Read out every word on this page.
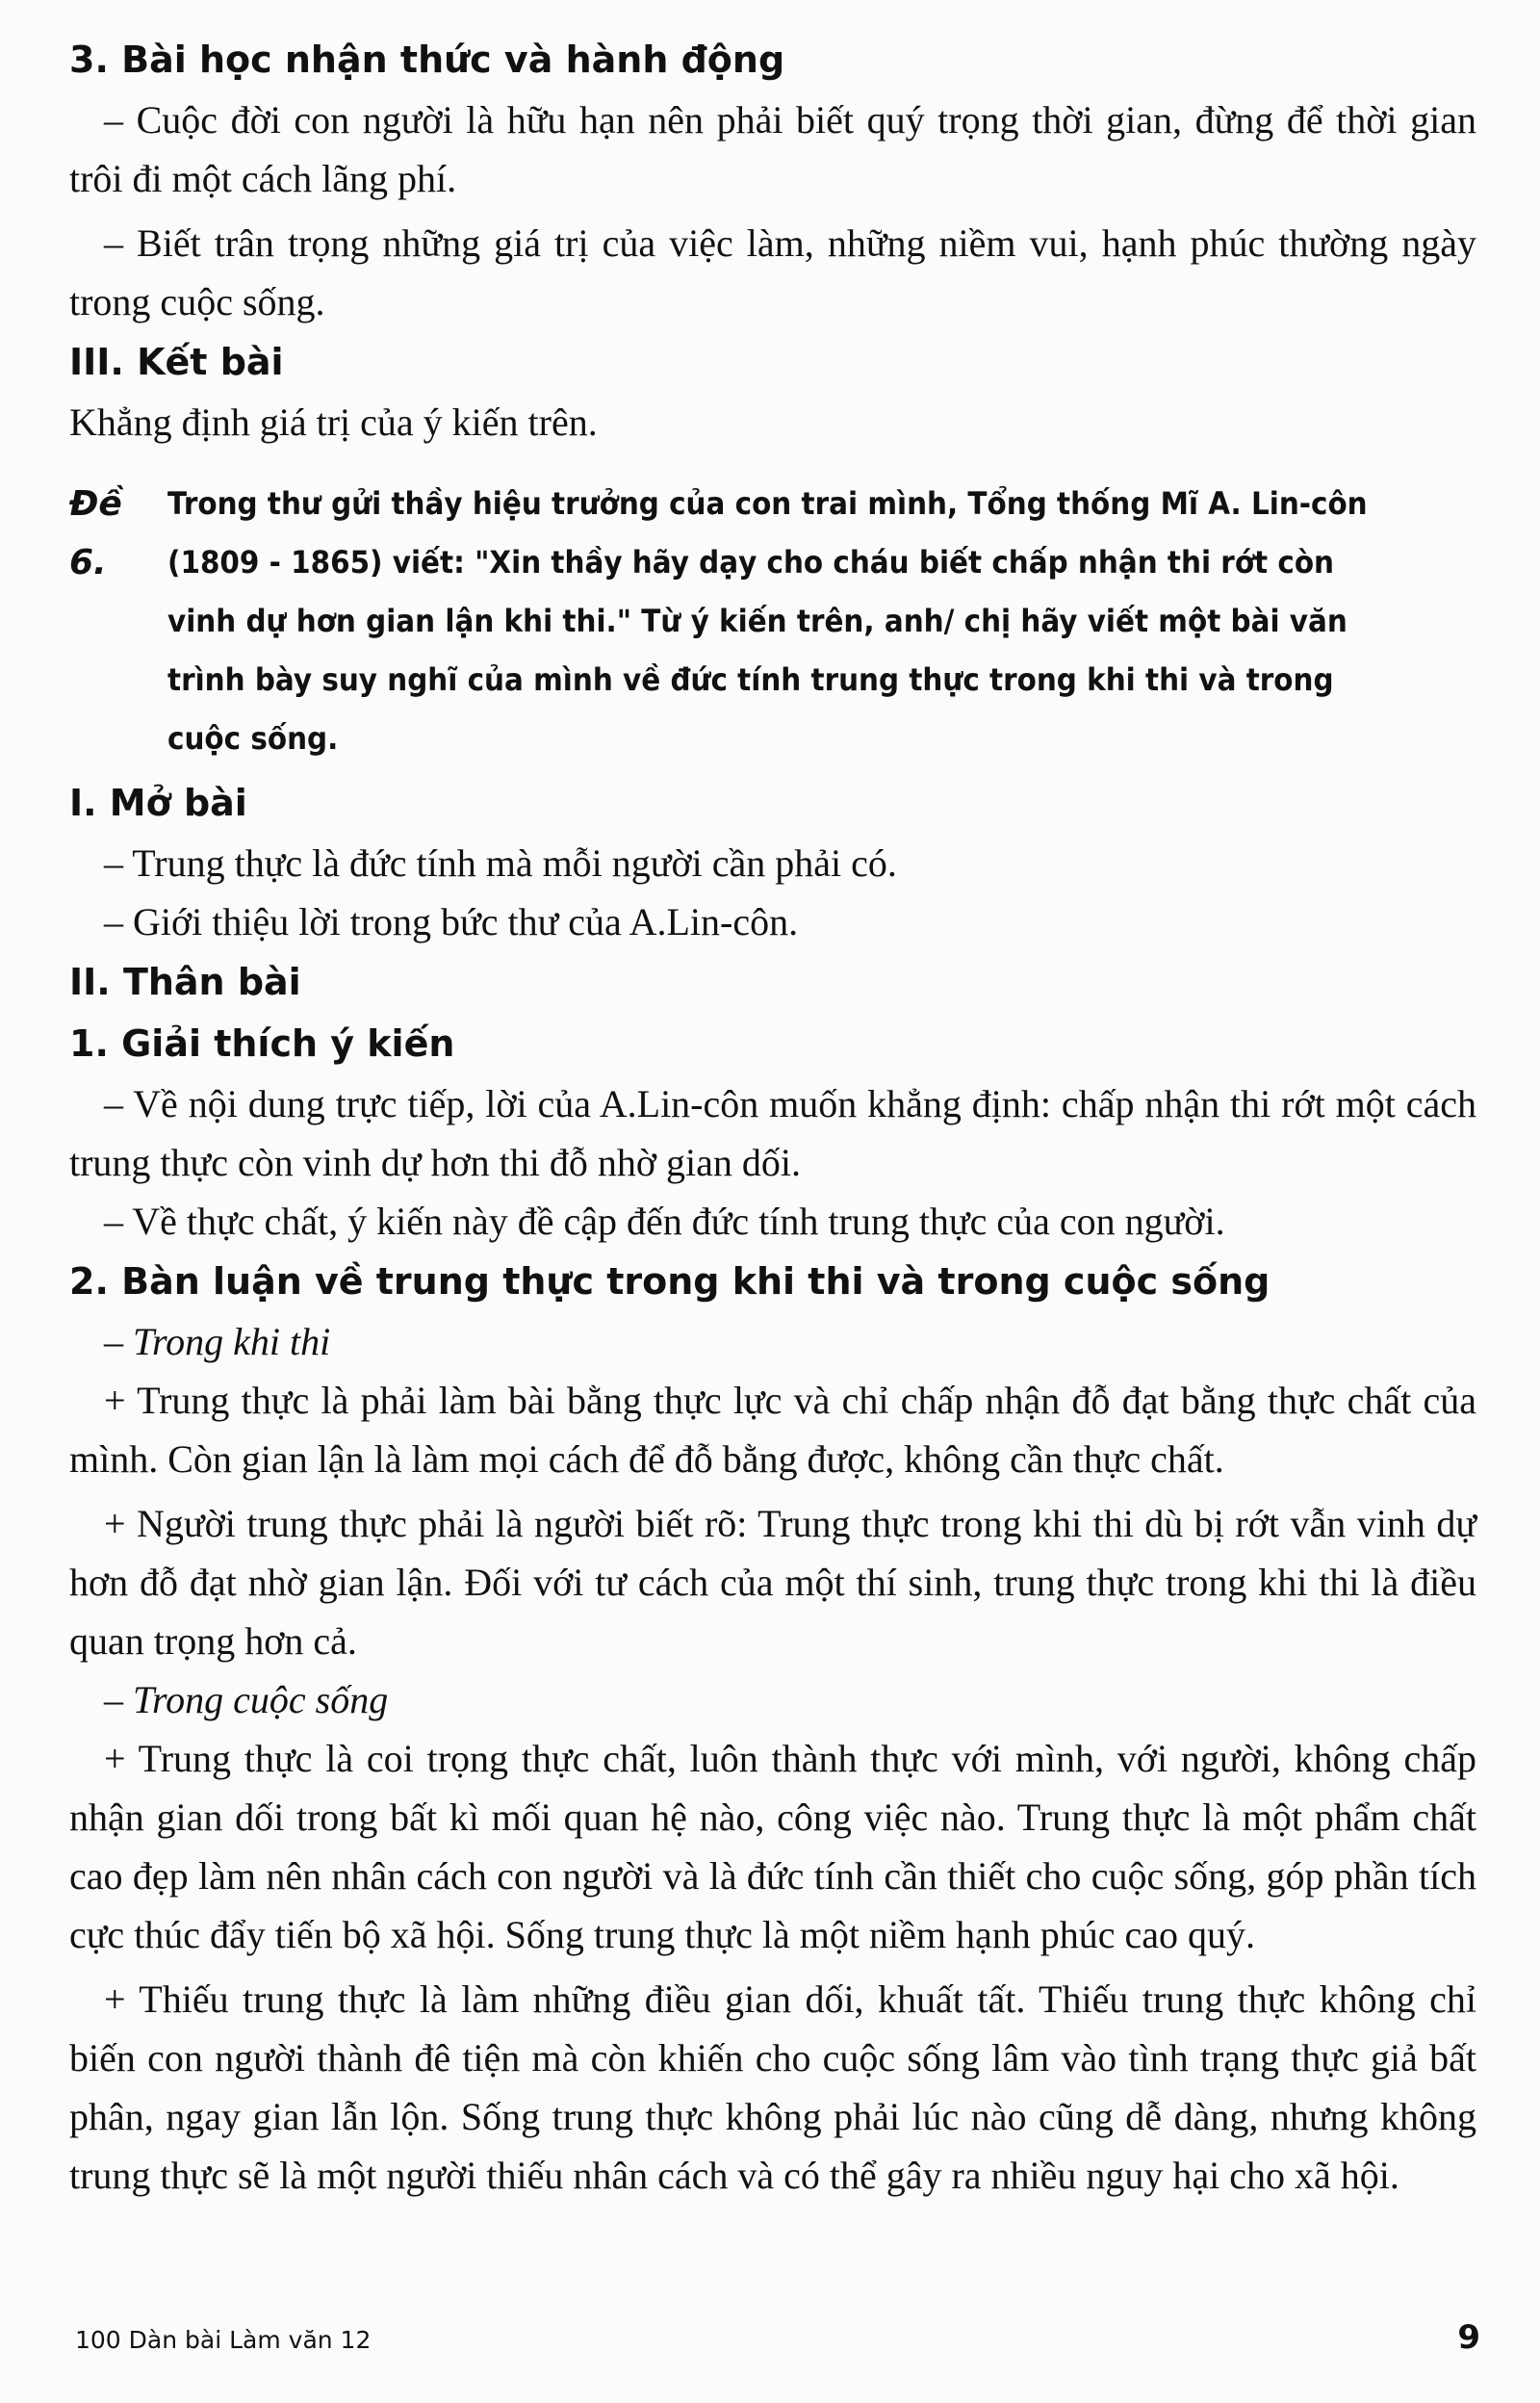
3. Bài học nhận thức và hành động

– Cuộc đời con người là hữu hạn nên phải biết quý trọng thời gian, đừng để thời gian trôi đi một cách lãng phí.

– Biết trân trọng những giá trị của việc làm, những niềm vui, hạnh phúc thường ngày trong cuộc sống.

III. Kết bài

Khẳng định giá trị của ý kiến trên.

Đề 6.
Trong thư gửi thầy hiệu trưởng của con trai mình, Tổng thống Mĩ A. Lin-côn (1809 - 1865) viết: "Xin thầy hãy dạy cho cháu biết chấp nhận thi rớt còn vinh dự hơn gian lận khi thi." Từ ý kiến trên, anh/ chị hãy viết một bài văn trình bày suy nghĩ của mình về đức tính trung thực trong khi thi và trong cuộc sống.

I. Mở bài

– Trung thực là đức tính mà mỗi người cần phải có.

– Giới thiệu lời trong bức thư của A.Lin-côn.

II. Thân bài

1. Giải thích ý kiến

– Về nội dung trực tiếp, lời của A.Lin-côn muốn khẳng định: chấp nhận thi rớt một cách trung thực còn vinh dự hơn thi đỗ nhờ gian dối.

– Về thực chất, ý kiến này đề cập đến đức tính trung thực của con người.

2. Bàn luận về trung thực trong khi thi và trong cuộc sống

– Trong khi thi

+ Trung thực là phải làm bài bằng thực lực và chỉ chấp nhận đỗ đạt bằng thực chất của mình. Còn gian lận là làm mọi cách để đỗ bằng được, không cần thực chất.

+ Người trung thực phải là người biết rõ: Trung thực trong khi thi dù bị rớt vẫn vinh dự hơn đỗ đạt nhờ gian lận. Đối với tư cách của một thí sinh, trung thực trong khi thi là điều quan trọng hơn cả.

– Trong cuộc sống

+ Trung thực là coi trọng thực chất, luôn thành thực với mình, với người, không chấp nhận gian dối trong bất kì mối quan hệ nào, công việc nào. Trung thực là một phẩm chất cao đẹp làm nên nhân cách con người và là đức tính cần thiết cho cuộc sống, góp phần tích cực thúc đẩy tiến bộ xã hội. Sống trung thực là một niềm hạnh phúc cao quý.

+ Thiếu trung thực là làm những điều gian dối, khuất tất. Thiếu trung thực không chỉ biến con người thành đê tiện mà còn khiến cho cuộc sống lâm vào tình trạng thực giả bất phân, ngay gian lẫn lộn. Sống trung thực không phải lúc nào cũng dễ dàng, nhưng không trung thực sẽ là một người thiếu nhân cách và có thể gây ra nhiều nguy hại cho xã hội.

100 Dàn bài Làm văn 12	9
